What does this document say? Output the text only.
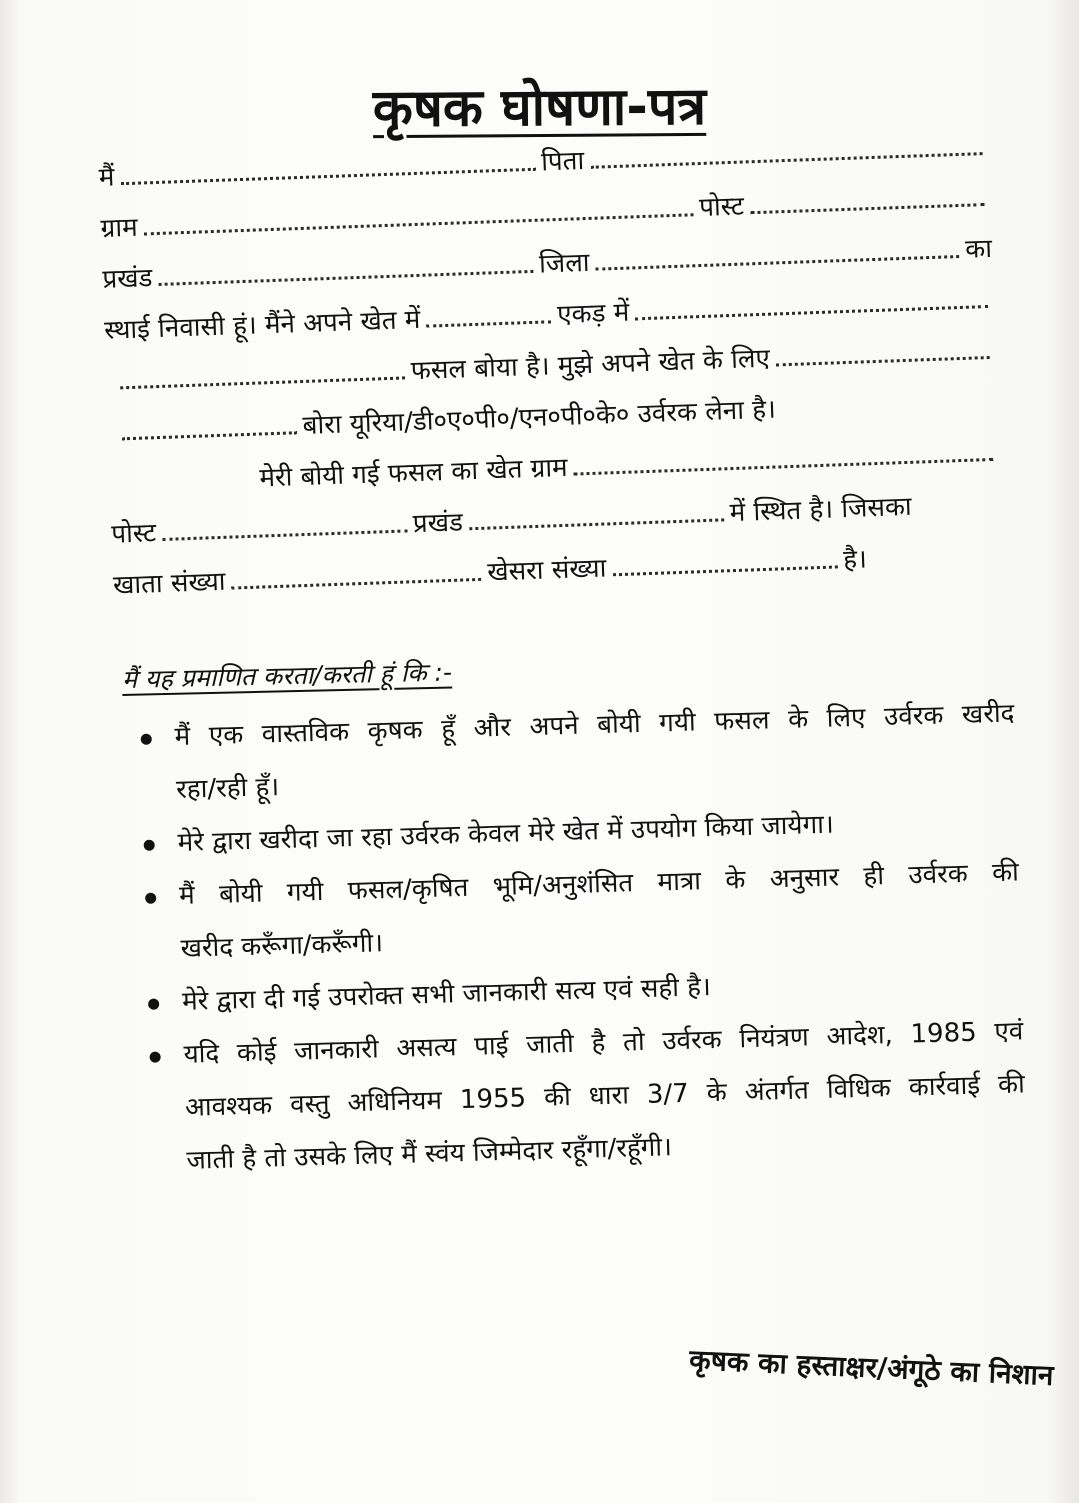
कृषक घोषणा-पत्र
मैं
पिता
ग्राम
पोस्ट
प्रखंड	जिला	का
स्थाई निवासी हूं। मैंने अपने खेत में	एकड़ में
फसल बोया है। मुझे अपने खेत के लिए
बोरा यूरिया/डी०ए०पी०/एन०पी०के० उर्वरक लेना है।
मेरी बोयी गई फसल का खेत ग्राम
पोस्ट	प्रखंड	में स्थित है। जिसका
खाता संख्या	खेसरा संख्या	है।
मैं यह प्रमाणित करता/करती हूं कि :-
मैं एक वास्तविक कृषक हूँ और अपने बोयी गयी फसल के लिए उर्वरक खरीद
रहा/रही हूँ।
मेरे द्वारा खरीदा जा रहा उर्वरक केवल मेरे खेत में उपयोग किया जायेगा।
मैं बोयी गयी फसल/कृषित भूमि/अनुशंसित मात्रा के अनुसार ही उर्वरक की
खरीद करूँगा/करूँगी।
मेरे द्वारा दी गई उपरोक्त सभी जानकारी सत्य एवं सही है।
यदि कोई जानकारी असत्य पाई जाती है तो उर्वरक नियंत्रण आदेश, 1985 एवं
आवश्यक वस्तु अधिनियम 1955 की धारा 3/7 के अंतर्गत विधिक कार्रवाई की
जाती है तो उसके लिए मैं स्वंय जिम्मेदार रहूँगा/रहूँगी।
कृषक का हस्ताक्षर/अंगूठे का निशान
